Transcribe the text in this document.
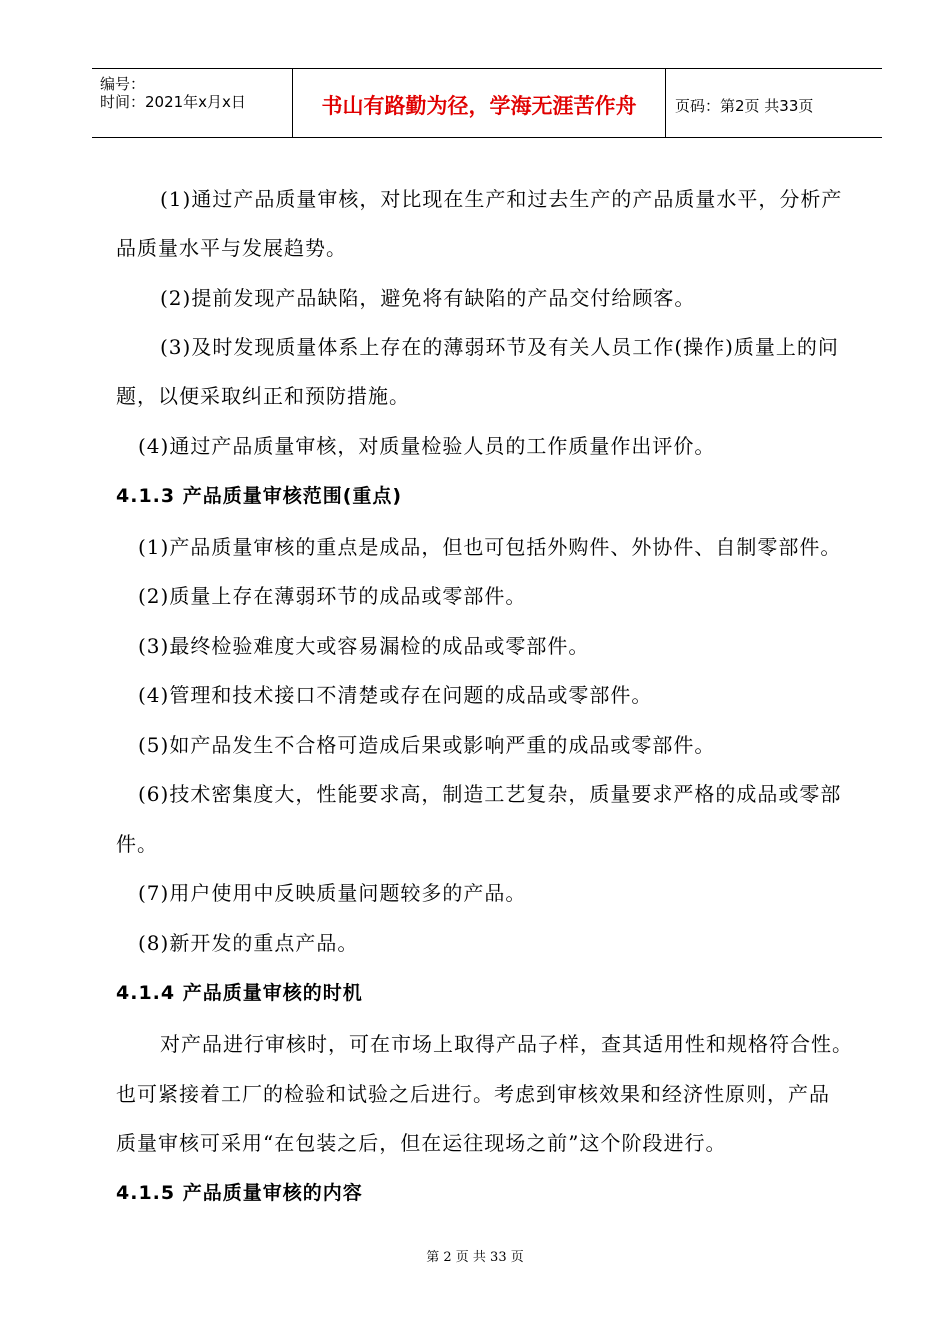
编号：
时间：2021年x月x日	书山有路勤为径，学海无涯苦作舟	页码：第2页 共33页
(1)通过产品质量审核，对比现在生产和过去生产的产品质量水平，分析产
品质量水平与发展趋势。
(2)提前发现产品缺陷，避免将有缺陷的产品交付给顾客。
(3)及时发现质量体系上存在的薄弱环节及有关人员工作(操作)质量上的问
题，以便采取纠正和预防措施。
(4)通过产品质量审核，对质量检验人员的工作质量作出评价。
4.1.3 产品质量审核范围(重点)
(1)产品质量审核的重点是成品，但也可包括外购件、外协件、自制零部件。
(2)质量上存在薄弱环节的成品或零部件。
(3)最终检验难度大或容易漏检的成品或零部件。
(4)管理和技术接口不清楚或存在问题的成品或零部件。
(5)如产品发生不合格可造成后果或影响严重的成品或零部件。
(6)技术密集度大，性能要求高，制造工艺复杂，质量要求严格的成品或零部
件。
(7)用户使用中反映质量问题较多的产品。
(8)新开发的重点产品。
4.1.4 产品质量审核的时机
对产品进行审核时，可在市场上取得产品子样，查其适用性和规格符合性。
也可紧接着工厂的检验和试验之后进行。考虑到审核效果和经济性原则，产品
质量审核可采用“在包装之后，但在运往现场之前”这个阶段进行。
4.1.5 产品质量审核的内容
第 2 页 共 33 页
